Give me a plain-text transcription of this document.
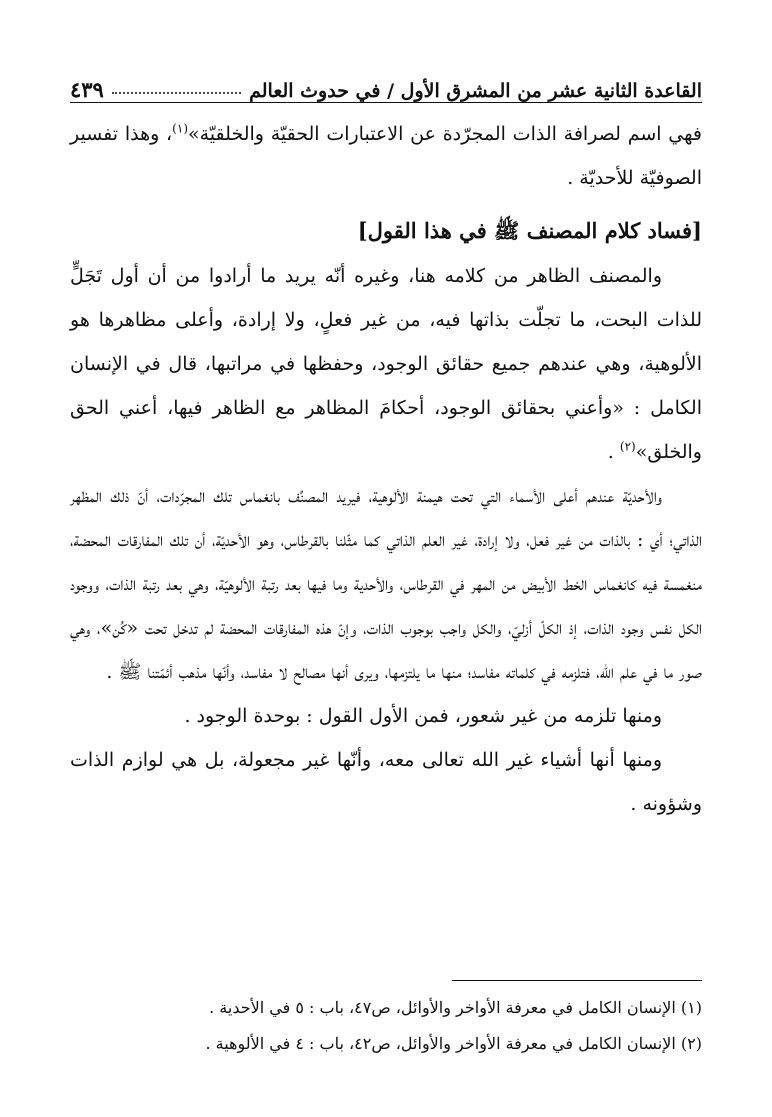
القاعدة الثانية عشر من المشرق الأول / في حدوث العالم
٤٣٩

فهي اسم لصرافة الذات المجرّدة عن الاعتبارات الحقيّة والخلقيّة»$^{(١)}$، وهذا تفسير الصوفيّة للأحديّة .

[فساد كلام المصنف ﷺ في هذا القول]

والمصنف الظاهر من كلامه هنا، وغيره أنّه يريد ما أرادوا من أن أول تَجَلٍّ للذات البحت، ما تجلّت بذاتها فيه، من غير فعلٍ، ولا إرادة، وأعلى مظاهرها هو الألوهية، وهي عندهم جميع حقائق الوجود، وحفظها في مراتبها، قال في الإنسان الكامل : «وأعني بحقائق الوجود، أحكامَ المظاهر مع الظاهر فيها، أعني الحق والخلق»$^{(٢)}$ .

والأحديّة عندهم أعلى الأسماء التي تحت هيمنة الألوهية، فيريد المصنِّف بانغماس تلك المجرّدات، أنّ ذلك المظهر الذاتي؛ أي : بالذات من غير فعل، ولا إرادة، غير العلم الذاتي كما مثّلنا بالقرطاس، وهو الأحديّة، أن تلك المفارقات المحضة، منغمسة فيه كانغماس الخط الأبيض من المهر في القرطاس، والأحدية وما فيها بعد رتبة الألوهيّة، وهي بعد رتبة الذات، ووجود الكل نفس وجود الذات، إذ الكلّ أزليّ، والكل واجب بوجوب الذات، وإنّ هذه المفارقات المحضة لم تدخل تحت «كُن»، وهي صور ما في علم الله، فتلزمه في كلماته مفاسد؛ منها ما يلتزمها، ويرى أنها مصالح لا مفاسد، وأنّها مذهب أئمّتنا ﷺ .

ومنها تلزمه من غير شعور، فمن الأول القول : بوحدة الوجود .

ومنها أنها أشياء غير الله تعالى معه، وأنّها غير مجعولة، بل هي لوازم الذات وشؤونه .

(١) الإنسان الكامل في معرفة الأواخر والأوائل، ص٤٧، باب : ٥ في الأحدية .

(٢) الإنسان الكامل في معرفة الأواخر والأوائل، ص٤٢، باب : ٤ في الألوهية .
